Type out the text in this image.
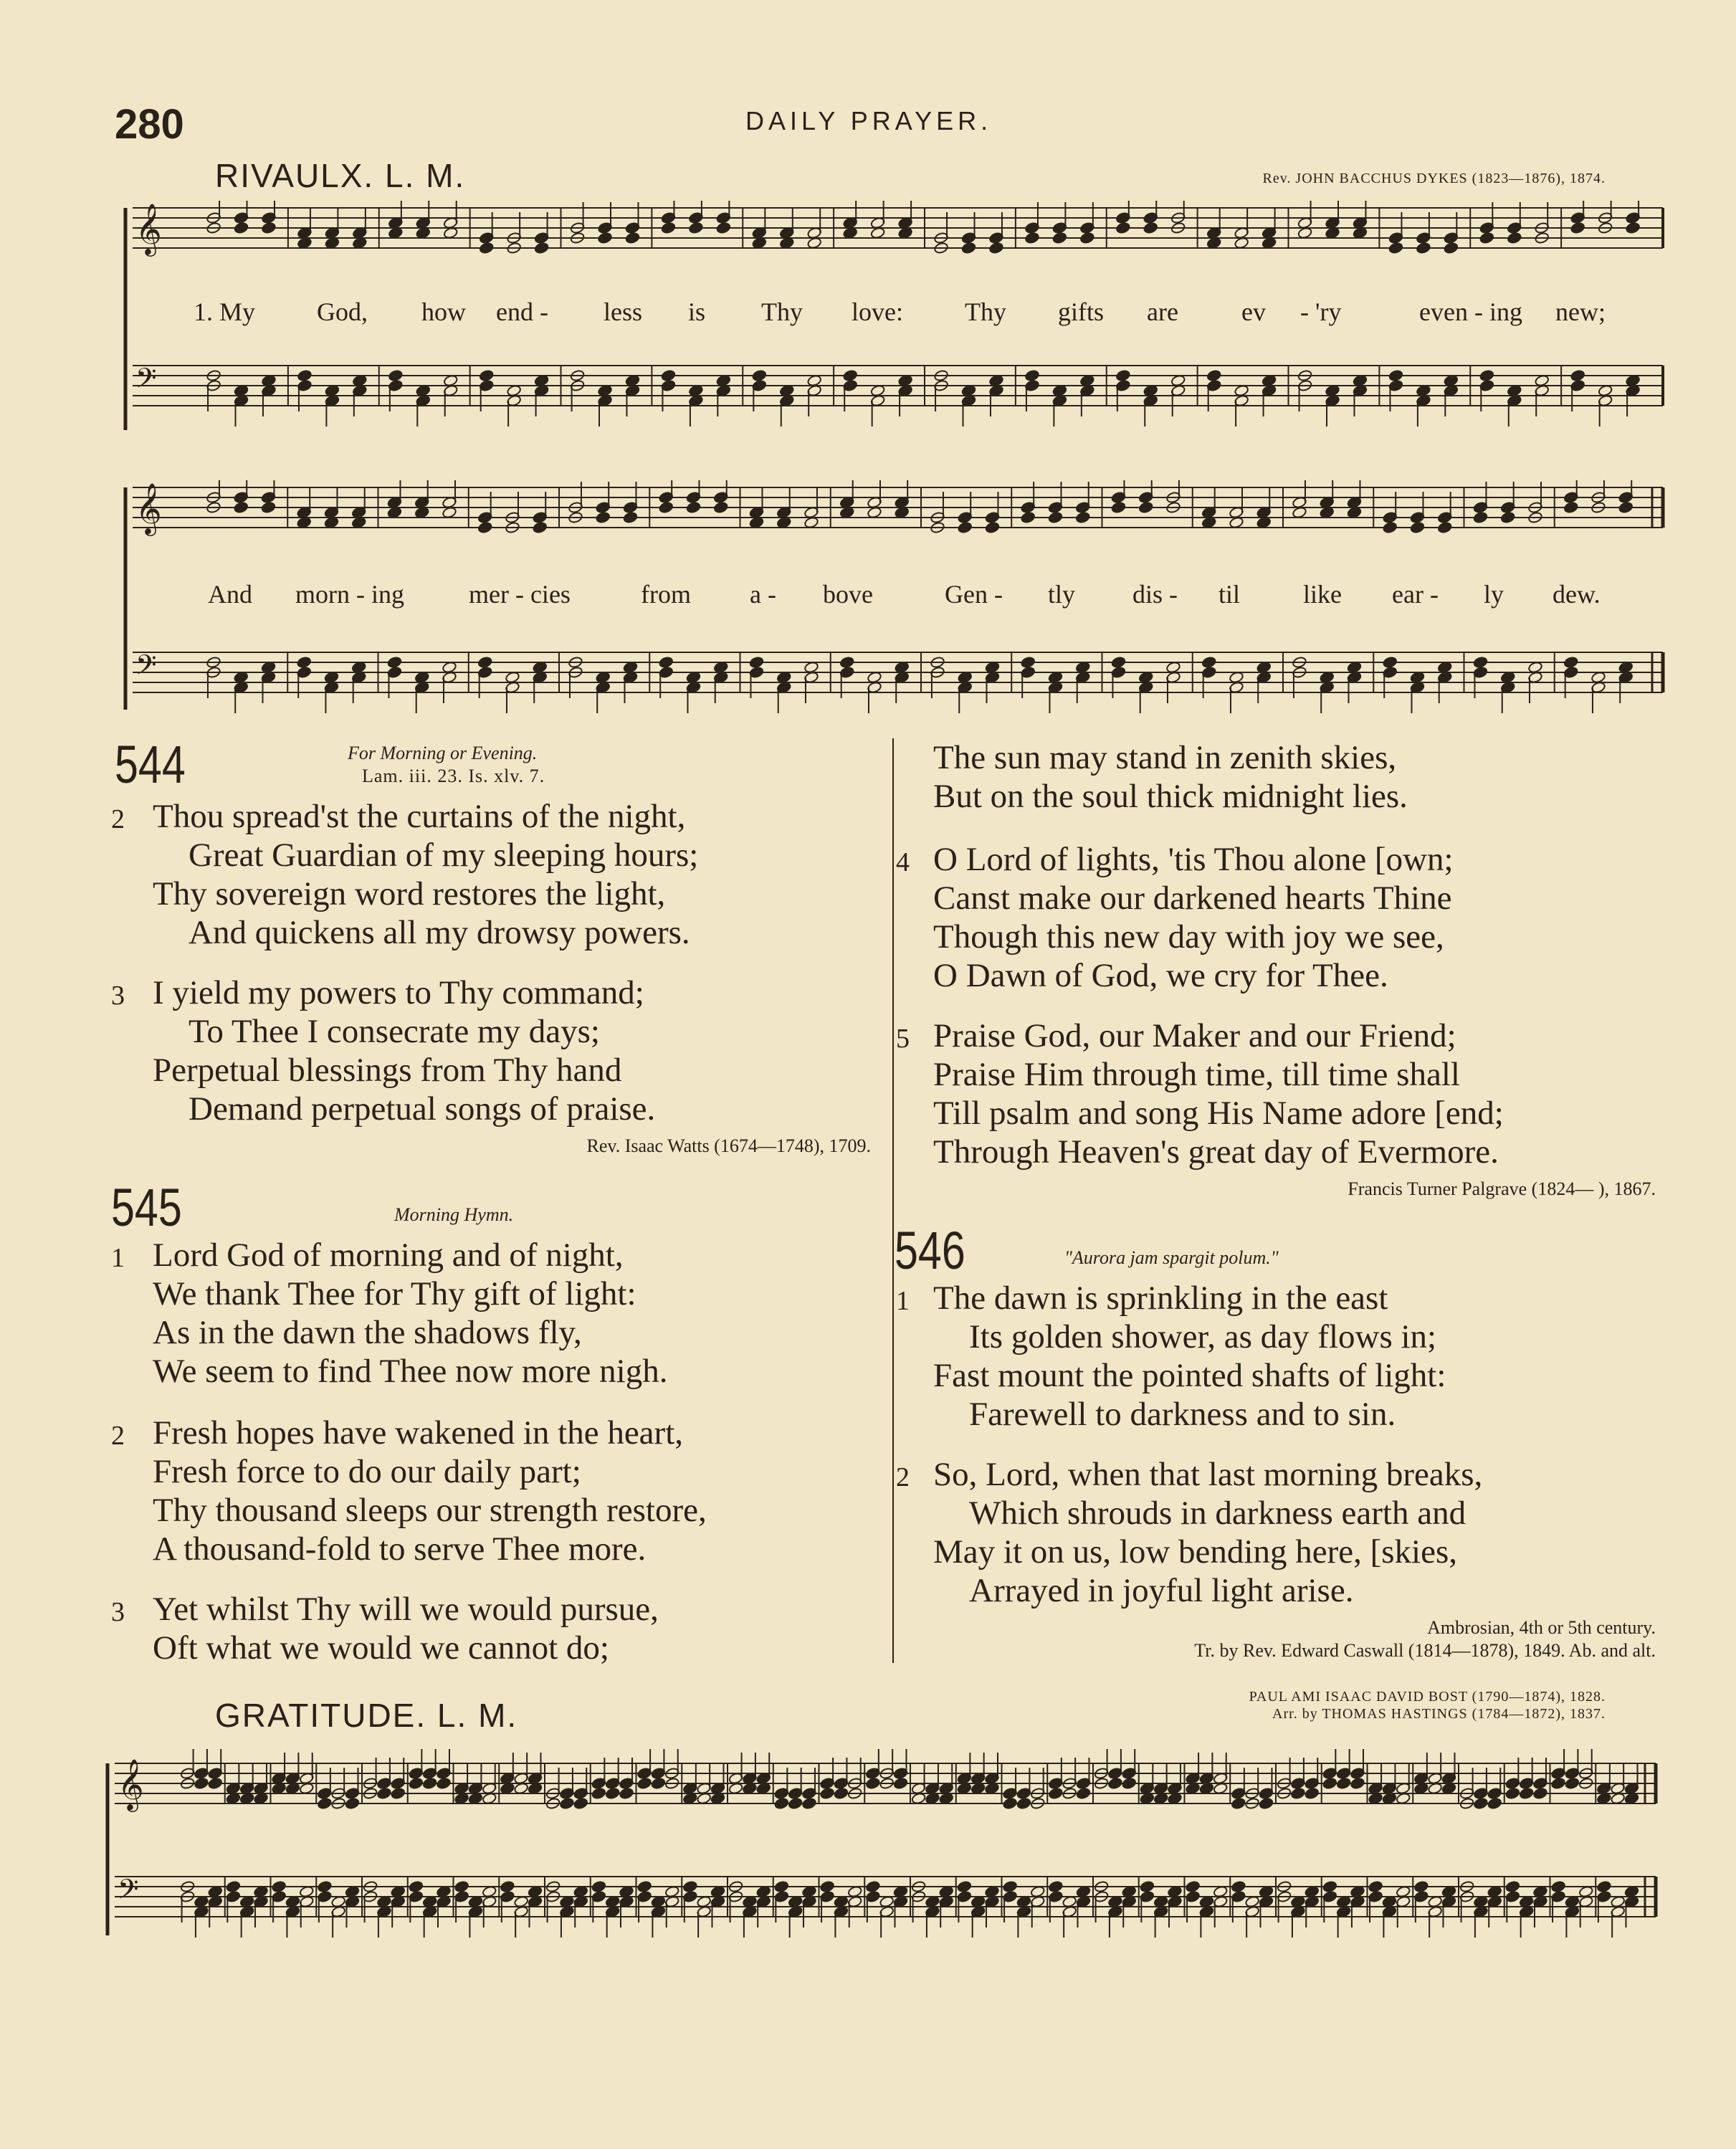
280	DAILY PRAYER.
RIVAULX. L. M.	Rev. JOHN BACCHUS DYKES (1823—1876), 1874.
𝄞
𝄢
1. My God, how end - less is Thy love: Thy gifts are ev - 'ry	even - ing new;
𝄞
𝄢
And morn - ing	mer - cies	from a - bove	Gen - tly dis - til like ear - ly dew.
544	For Morning or Evening.
Lam. iii. 23. Is. xlv. 7.
2 Thou spread'st the curtains of the night,
Great Guardian of my sleeping hours;
Thy sovereign word restores the light,
And quickens all my drowsy powers.
3 I yield my powers to Thy command;
To Thee I consecrate my days;
Perpetual blessings from Thy hand
Demand perpetual songs of praise.
Rev. Isaac Watts (1674—1748), 1709.
545	Morning Hymn.
1 Lord God of morning and of night,
We thank Thee for Thy gift of light:
As in the dawn the shadows fly,
We seem to find Thee now more nigh.
2 Fresh hopes have wakened in the heart,
Fresh force to do our daily part;
Thy thousand sleeps our strength restore,
A thousand-fold to serve Thee more.
3 Yet whilst Thy will we would pursue,
Oft what we would we cannot do;
The sun may stand in zenith skies,
But on the soul thick midnight lies.
4 O Lord of lights, 'tis Thou alone [own;
Canst make our darkened hearts Thine
Though this new day with joy we see,
O Dawn of God, we cry for Thee.
5 Praise God, our Maker and our Friend;
Praise Him through time, till time shall
Till psalm and song His Name adore [end;
Through Heaven's great day of Evermore.
Francis Turner Palgrave (1824— ), 1867.
546	"Aurora jam spargit polum."
1 The dawn is sprinkling in the east
Its golden shower, as day flows in;
Fast mount the pointed shafts of light:
Farewell to darkness and to sin.
2 So, Lord, when that last morning breaks,
Which shrouds in darkness earth and
May it on us, low bending here, [skies,
Arrayed in joyful light arise.
Ambrosian, 4th or 5th century.
Tr. by Rev. Edward Caswall (1814—1878), 1849. Ab. and alt.
GRATITUDE. L. M.	PAUL AMI ISAAC DAVID BOST (1790—1874), 1828.
Arr. by THOMAS HASTINGS (1784—1872), 1837.
𝄞
𝄢
